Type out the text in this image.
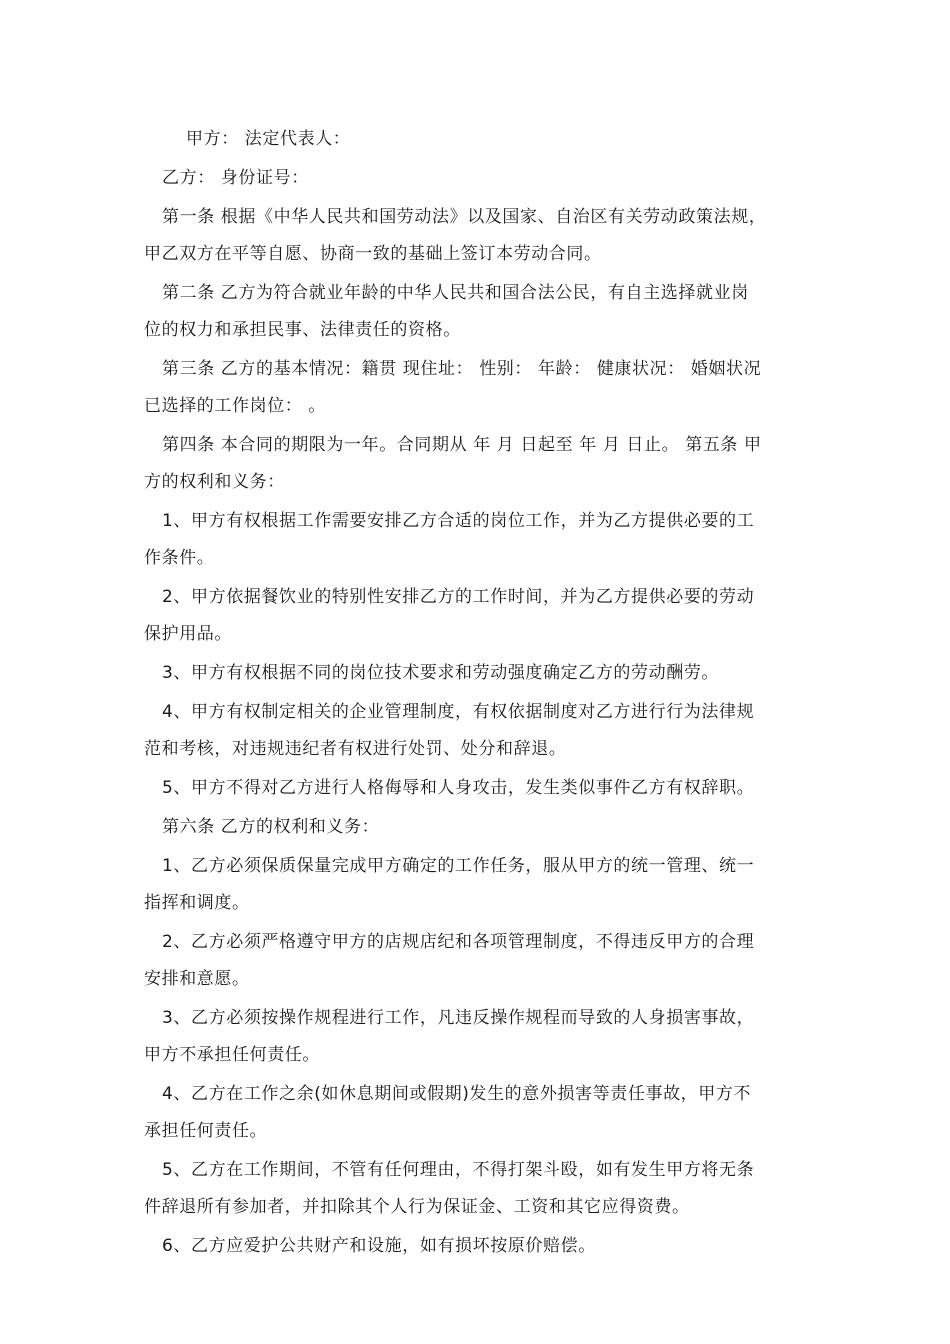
甲方： 法定代表人：

乙方： 身份证号：

第一条 根据《中华人民共和国劳动法》以及国家、自治区有关劳动政策法规，
甲乙双方在平等自愿、协商一致的基础上签订本劳动合同。

第二条 乙方为符合就业年龄的中华人民共和国合法公民，有自主选择就业岗
位的权力和承担民事、法律责任的资格。

第三条 乙方的基本情况：籍贯 现住址： 性别： 年龄： 健康状况： 婚姻状况
已选择的工作岗位： 。

第四条 本合同的期限为一年。合同期从 年 月 日起至 年 月 日止。 第五条 甲
方的权利和义务：

1、甲方有权根据工作需要安排乙方合适的岗位工作，并为乙方提供必要的工
作条件。

2、甲方依据餐饮业的特别性安排乙方的工作时间，并为乙方提供必要的劳动
保护用品。

3、甲方有权根据不同的岗位技术要求和劳动强度确定乙方的劳动酬劳。

4、甲方有权制定相关的企业管理制度，有权依据制度对乙方进行行为法律规
范和考核，对违规违纪者有权进行处罚、处分和辞退。

5、甲方不得对乙方进行人格侮辱和人身攻击，发生类似事件乙方有权辞职。

第六条 乙方的权利和义务：

1、乙方必须保质保量完成甲方确定的工作任务，服从甲方的统一管理、统一
指挥和调度。

2、乙方必须严格遵守甲方的店规店纪和各项管理制度，不得违反甲方的合理
安排和意愿。

3、乙方必须按操作规程进行工作，凡违反操作规程而导致的人身损害事故，
甲方不承担任何责任。

4、乙方在工作之余(如休息期间或假期)发生的意外损害等责任事故，甲方不
承担任何责任。

5、乙方在工作期间，不管有任何理由，不得打架斗殴，如有发生甲方将无条
件辞退所有参加者，并扣除其个人行为保证金、工资和其它应得资费。

6、乙方应爱护公共财产和设施，如有损坏按原价赔偿。
